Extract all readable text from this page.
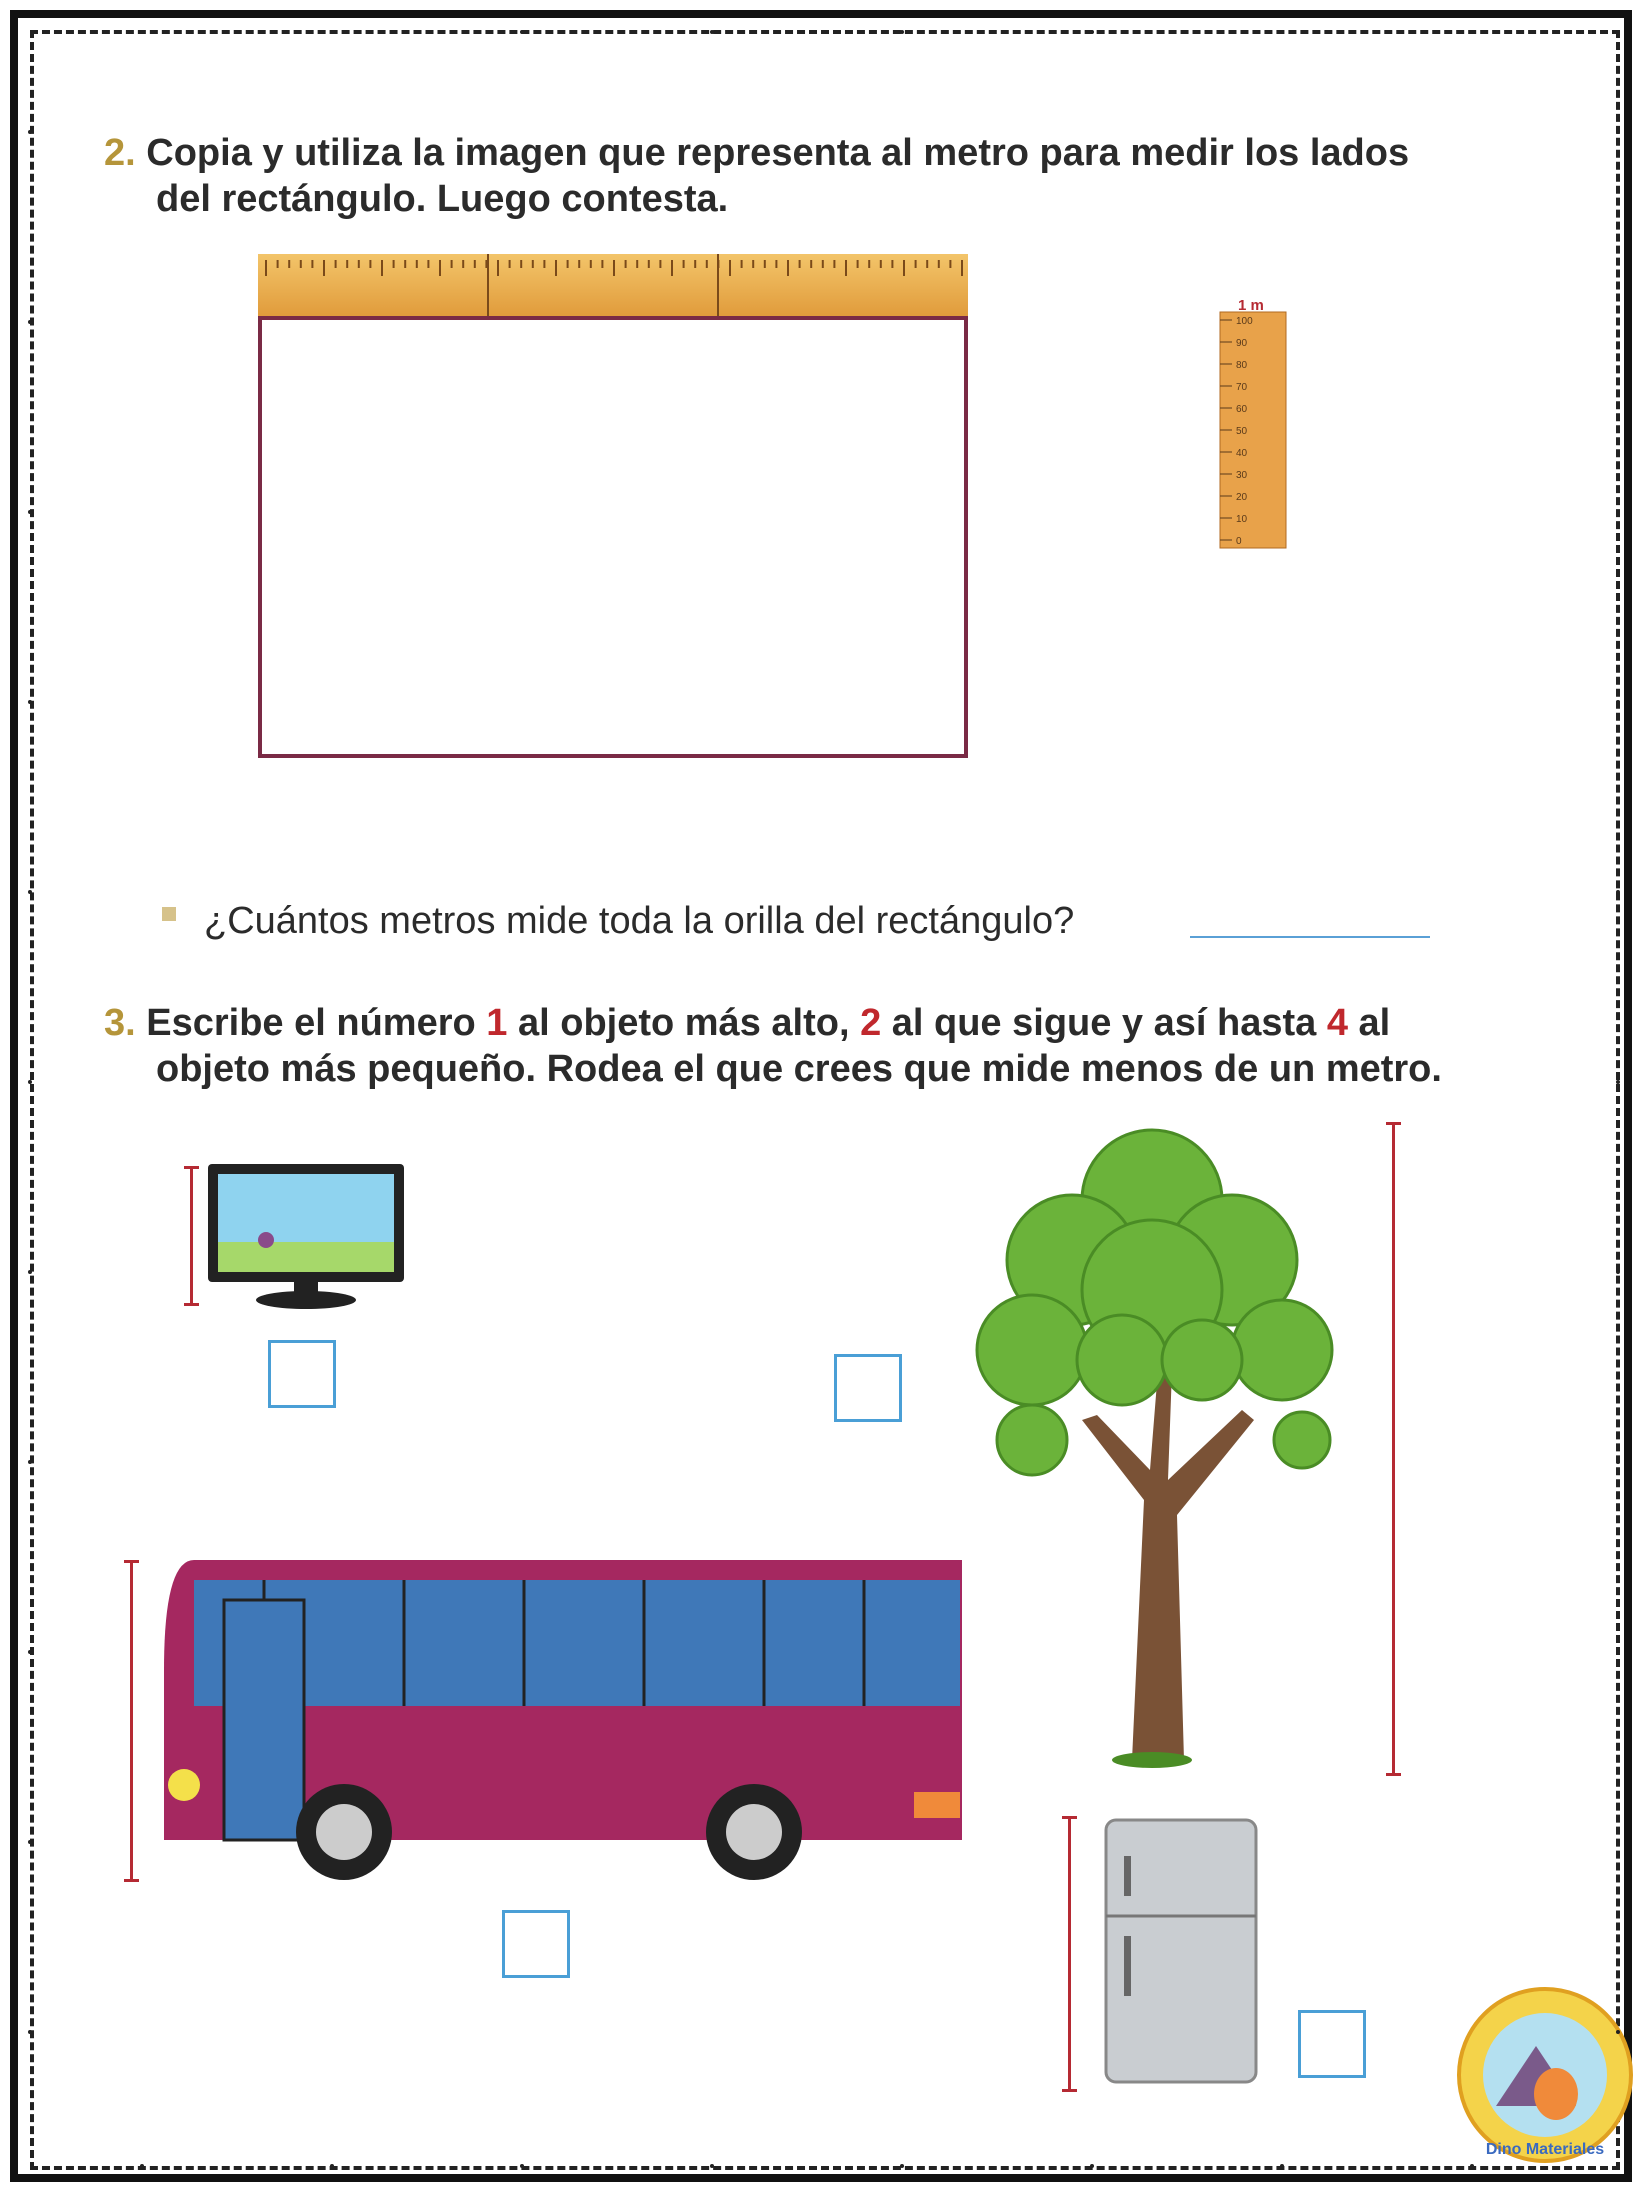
2. Copia y utiliza la imagen que representa al metro para medir los lados
del rectángulo. Luego contesta.
1 m
100
90
80
70
60
50
40
30
20
10
0
¿Cuántos metros mide toda la orilla del rectángulo?
3. Escribe el número 1 al objeto más alto, 2 al que sigue y así hasta 4 al
objeto más pequeño. Rodea el que crees que mide menos de un metro.
Dino Materiales
